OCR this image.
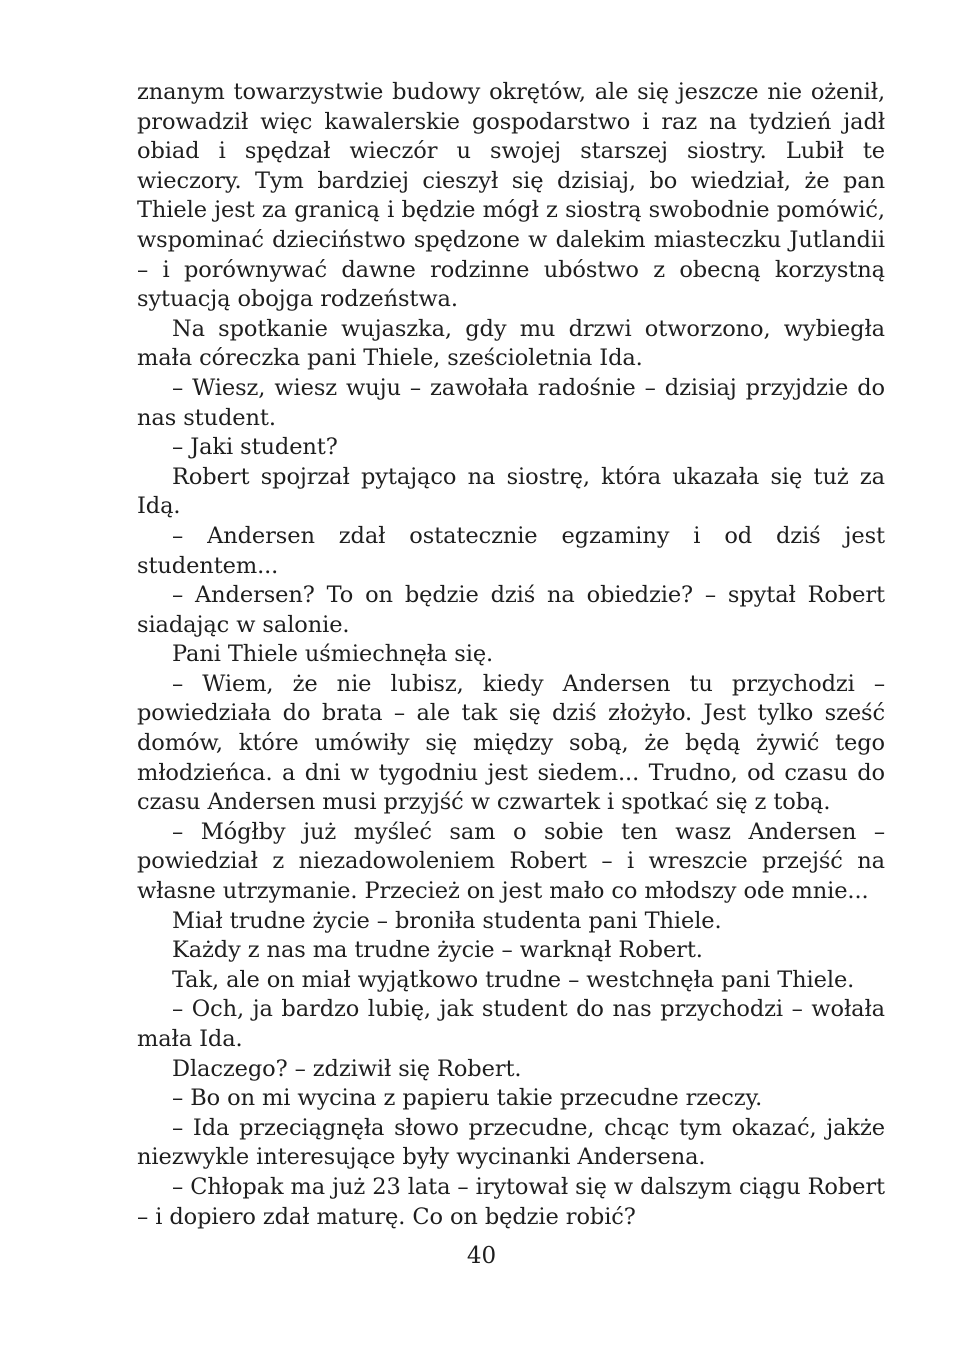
znanym towarzystwie budowy okrętów, ale się jeszcze nie ożenił, prowadził więc kawalerskie gospodarstwo i raz na tydzień jadł obiad i spędzał wieczór u swojej starszej siostry. Lubił te wieczory. Tym bardziej cieszył się dzisiaj, bo wiedział, że pan Thiele jest za granicą i będzie mógł z siostrą swobodnie pomówić, wspominać dzieciństwo spędzone w dalekim miasteczku Jutlandii – i porównywać dawne rodzinne ubóstwo z obecną korzystną sytuacją obojga rodzeństwa.

Na spotkanie wujaszka, gdy mu drzwi otworzono, wybiegła mała córeczka pani Thiele, sześcioletnia Ida.

– Wiesz, wiesz wuju – zawołała radośnie – dzisiaj przyjdzie do nas student.

– Jaki student?

Robert spojrzał pytająco na siostrę, która ukazała się tuż za Idą.

– Andersen zdał ostatecznie egzaminy i od dziś jest studentem...

– Andersen? To on będzie dziś na obiedzie? – spytał Robert siadając w salonie.

Pani Thiele uśmiechnęła się.

– Wiem, że nie lubisz, kiedy Andersen tu przychodzi – powiedziała do brata – ale tak się dziś złożyło. Jest tylko sześć domów, które umówiły się między sobą, że będą żywić tego młodzieńca. a dni w tygodniu jest siedem... Trudno, od czasu do czasu Andersen musi przyjść w czwartek i spotkać się z tobą.

– Mógłby już myśleć sam o sobie ten wasz Andersen – powiedział z niezadowoleniem Robert – i wreszcie przejść na własne utrzymanie. Przecież on jest mało co młodszy ode mnie...

Miał trudne życie – broniła studenta pani Thiele.

Każdy z nas ma trudne życie – warknął Robert.

Tak, ale on miał wyjątkowo trudne – westchnęła pani Thiele.

– Och, ja bardzo lubię, jak student do nas przychodzi – wołała mała Ida.

Dlaczego? – zdziwił się Robert.

– Bo on mi wycina z papieru takie przecudne rzeczy.

– Ida przeciągnęła słowo przecudne, chcąc tym okazać, jakże niezwykle interesujące były wycinanki Andersena.

– Chłopak ma już 23 lata – irytował się w dalszym ciągu Robert – i dopiero zdał maturę. Co on będzie robić?

40
